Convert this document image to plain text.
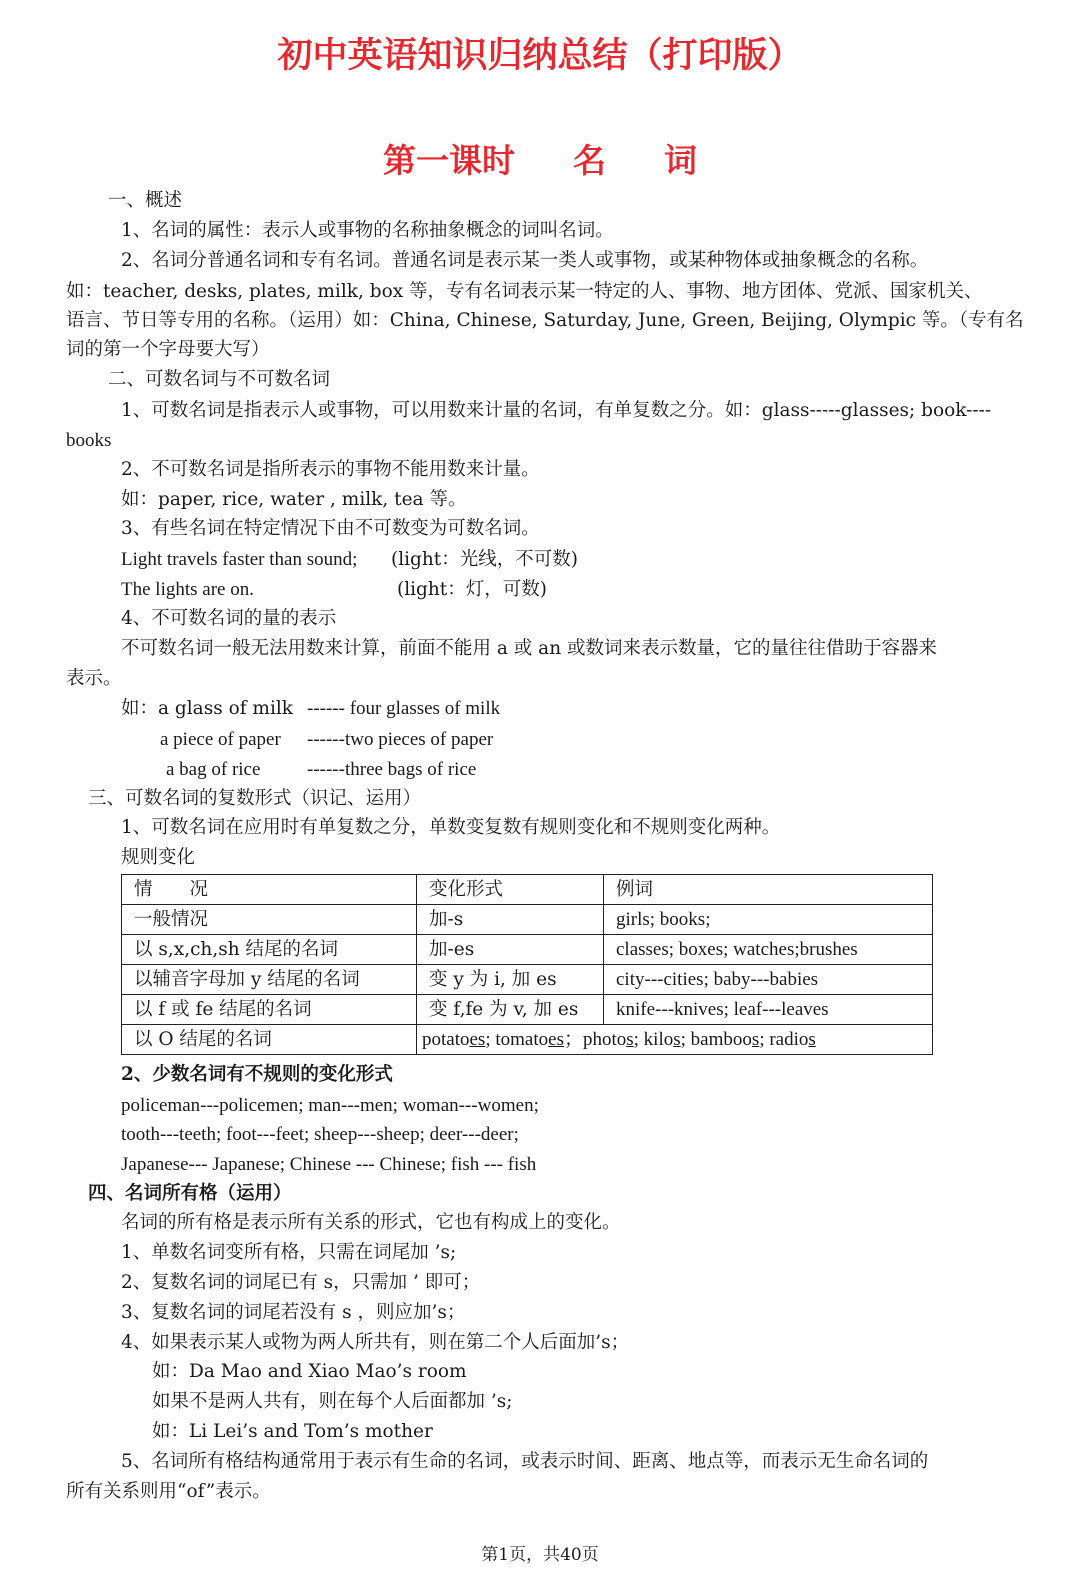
初中英语知识归纳总结（打印版）
第一课时 名 词
一、概述
1、名词的属性：表示人或事物的名称抽象概念的词叫名词。
2、名词分普通名词和专有名词。普通名词是表示某一类人或事物，或某种物体或抽象概念的名称。
如：teacher, desks, plates, milk, box 等，专有名词表示某一特定的人、事物、地方团体、党派、国家机关、
语言、节日等专用的名称。（运用）如：China, Chinese, Saturday, June, Green, Beijing, Olympic 等。（专有名
词的第一个字母要大写）
二、可数名词与不可数名词
1、可数名词是指表示人或事物，可以用数来计量的名词，有单复数之分。如：glass-----glasses; book----
books
2、不可数名词是指所表示的事物不能用数来计量。
如：paper, rice, water , milk, tea 等。
3、有些名词在特定情况下由不可数变为可数名词。
Light travels faster than sound; (light：光线，不可数)
The lights are on.	(light：灯，可数)
4、不可数名词的量的表示
不可数名词一般无法用数来计算，前面不能用 a 或 an 或数词来表示数量，它的量往往借助于容器来
表示。
如：a glass of milk ------ four glasses of milk
a piece of paper ------two pieces of paper
a bag of rice ------three bags of rice
三、可数名词的复数形式（识记、运用）
1、可数名词在应用时有单复数之分，单数变复数有规则变化和不规则变化两种。
规则变化
情　　况	变化形式	例词
一般情况	加-s	girls; books;
以 s,x,ch,sh 结尾的名词	加-es	classes; boxes; watches;brushes
以辅音字母加 y 结尾的名词	变 y 为 i, 加 es	city---cities; baby---babies
以 f 或 fe 结尾的名词	变 f,fe 为 v, 加 es	knife---knives; leaf---leaves
以 O 结尾的名词	potatoes; tomatoes；photos; kilos; bamboos; radios	
2、少数名词有不规则的变化形式
policeman---policemen; man---men; woman---women;
tooth---teeth; foot---feet; sheep---sheep; deer---deer;
Japanese--- Japanese; Chinese --- Chinese; fish --- fish
四、名词所有格（运用）
名词的所有格是表示所有关系的形式，它也有构成上的变化。
1、单数名词变所有格，只需在词尾加 ’s;
2、复数名词的词尾已有 s，只需加 ’ 即可；
3、复数名词的词尾若没有 s ，则应加’s；
4、如果表示某人或物为两人所共有，则在第二个人后面加’s；
如：Da Mao and Xiao Mao’s room
如果不是两人共有，则在每个人后面都加 ’s;
如：Li Lei’s and Tom’s mother
5、名词所有格结构通常用于表示有生命的名词，或表示时间、距离、地点等，而表示无生命名词的
所有关系则用“of”表示。
第1页，共40页
